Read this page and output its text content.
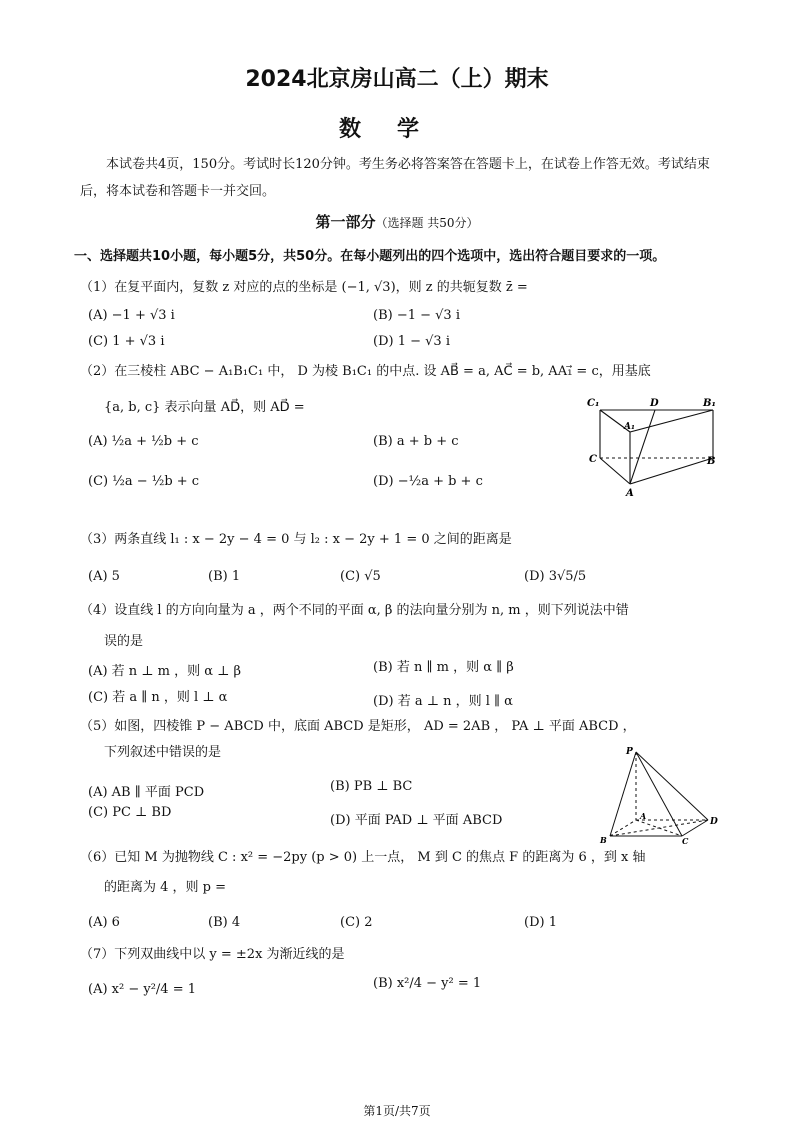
2024北京房山高二（上）期末
数学
本试卷共4页，150分。考试时长120分钟。考生务必将答案答在答题卡上，在试卷上作答无效。考试结束后，将本试卷和答题卡一并交回。
第一部分（选择题 共50分）
一、选择题共10小题，每小题5分，共50分。在每小题列出的四个选项中，选出符合题目要求的一项。
（1）在复平面内，复数 z 对应的点的坐标是 (−1, √3)，则 z 的共轭复数 z̄ =
(A) −1 + √3 i	(B) −1 − √3 i
(C) 1 + √3 i	(D) 1 − √3 i
（2）在三棱柱 ABC − A₁B₁C₁ 中， D 为棱 B₁C₁ 的中点. 设 AB⃗ = a, AC⃗ = b, AA₁⃗ = c，用基底
{a, b, c} 表示向量 AD⃗，则 AD⃗ =
(A) ½a + ½b + c	(B) a + b + c
(C) ½a − ½b + c	(D) −½a + b + c
C₁	D	B₁
A₁
C	B
A
（3）两条直线 l₁ : x − 2y − 4 = 0 与 l₂ : x − 2y + 1 = 0 之间的距离是
(A) 5	(B) 1	(C) √5	(D) 3√5/5
（4）设直线 l 的方向向量为 a ，两个不同的平面 α, β 的法向量分别为 n, m ，则下列说法中错
误的是
(A) 若 n ⊥ m ，则 α ⊥ β	(B) 若 n ∥ m ，则 α ∥ β
(C) 若 a ∥ n ，则 l ⊥ α	(D) 若 a ⊥ n ，则 l ∥ α
（5）如图，四棱锥 P − ABCD 中，底面 ABCD 是矩形， AD = 2AB ， PA ⊥ 平面 ABCD ，
下列叙述中错误的是
(A) AB ∥ 平面 PCD	(B) PB ⊥ BC
(C) PC ⊥ BD
(D) 平面 PAD ⊥ 平面 ABCD
P
A
B	C
D
（6）已知 M 为抛物线 C : x² = −2py (p > 0) 上一点， M 到 C 的焦点 F 的距离为 6 ，到 x 轴
的距离为 4 ，则 p =
(A) 6	(B) 4	(C) 2	(D) 1
（7）下列双曲线中以 y = ±2x 为渐近线的是
(A) x² − y²/4 = 1	(B) x²/4 − y² = 1
第1页/共7页
